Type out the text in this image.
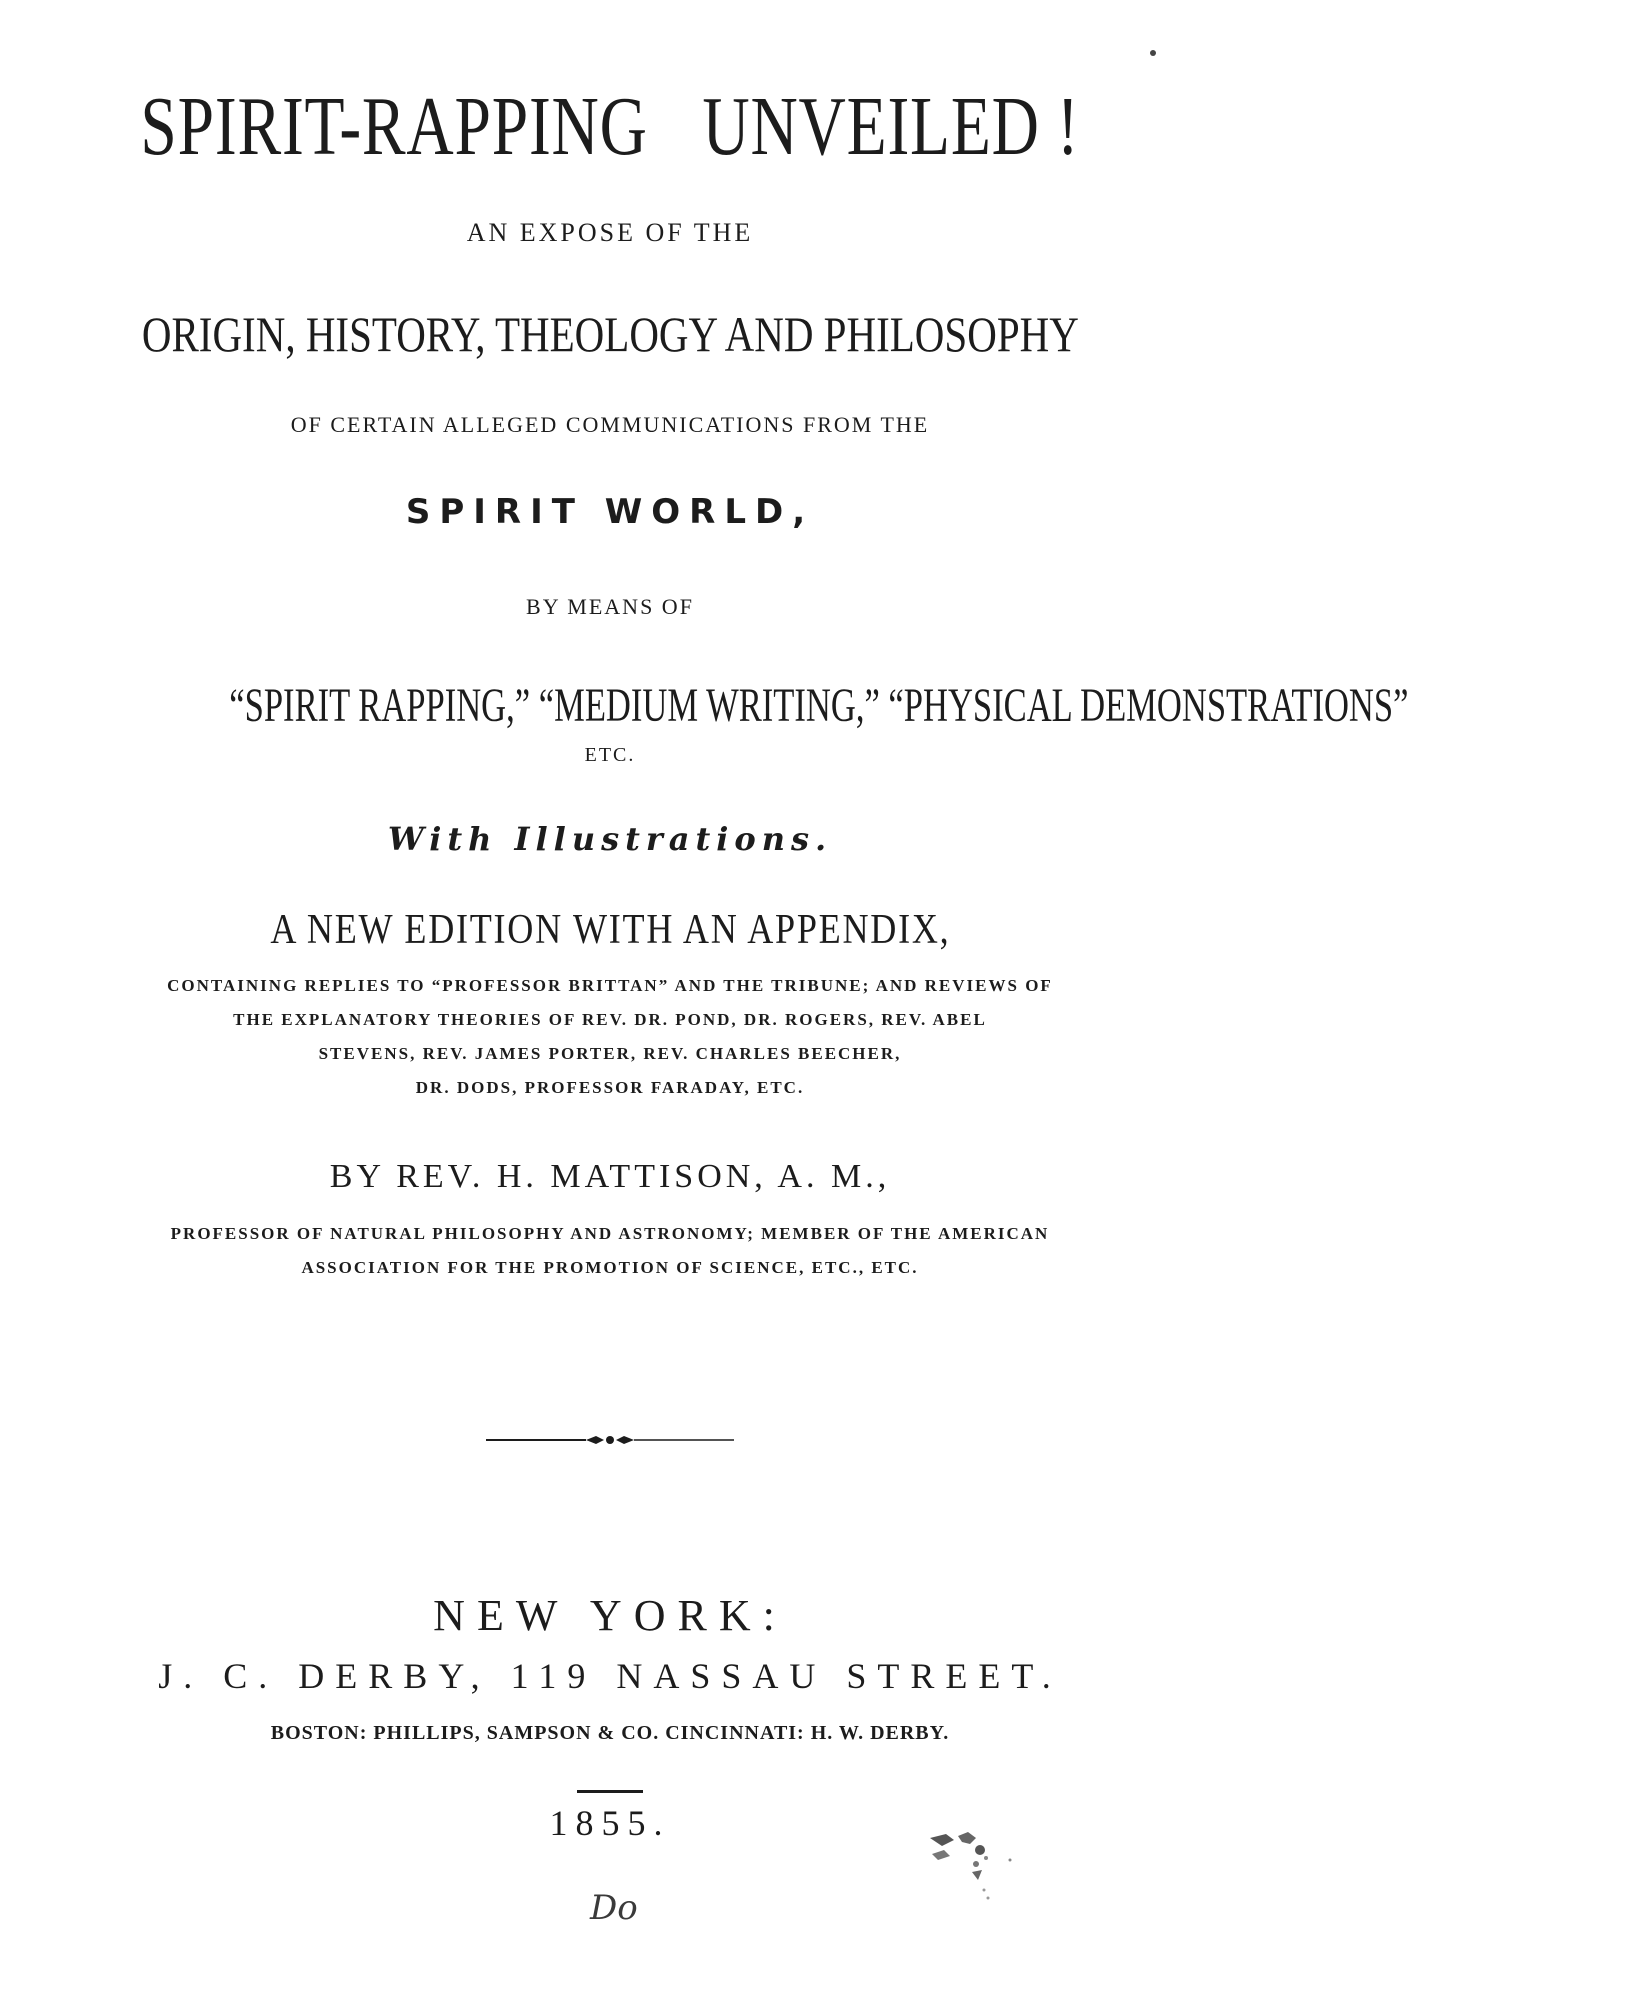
SPIRIT-RAPPING UNVEILED !
AN EXPOSE OF THE
ORIGIN, HISTORY, THEOLOGY AND PHILOSOPHY
OF CERTAIN ALLEGED COMMUNICATIONS FROM THE
SPIRIT WORLD,
BY MEANS OF
“SPIRIT RAPPING,” “MEDIUM WRITING,” “PHYSICAL DEMONSTRATIONS”
ETC.
With Illustrations.
A NEW EDITION WITH AN APPENDIX,
CONTAINING REPLIES TO “PROFESSOR BRITTAN” AND THE TRIBUNE; AND REVIEWS OF
THE EXPLANATORY THEORIES OF REV. DR. POND, DR. ROGERS, REV. ABEL
STEVENS, REV. JAMES PORTER, REV. CHARLES BEECHER,
DR. DODS, PROFESSOR FARADAY, ETC.
BY REV. H. MATTISON, A. M.,
PROFESSOR OF NATURAL PHILOSOPHY AND ASTRONOMY; MEMBER OF THE AMERICAN
ASSOCIATION FOR THE PROMOTION OF SCIENCE, ETC., ETC.
NEW YORK:
J. C. DERBY, 119 NASSAU STREET.
BOSTON: PHILLIPS, SAMPSON & CO. CINCINNATI: H. W. DERBY.
1855.
Do
